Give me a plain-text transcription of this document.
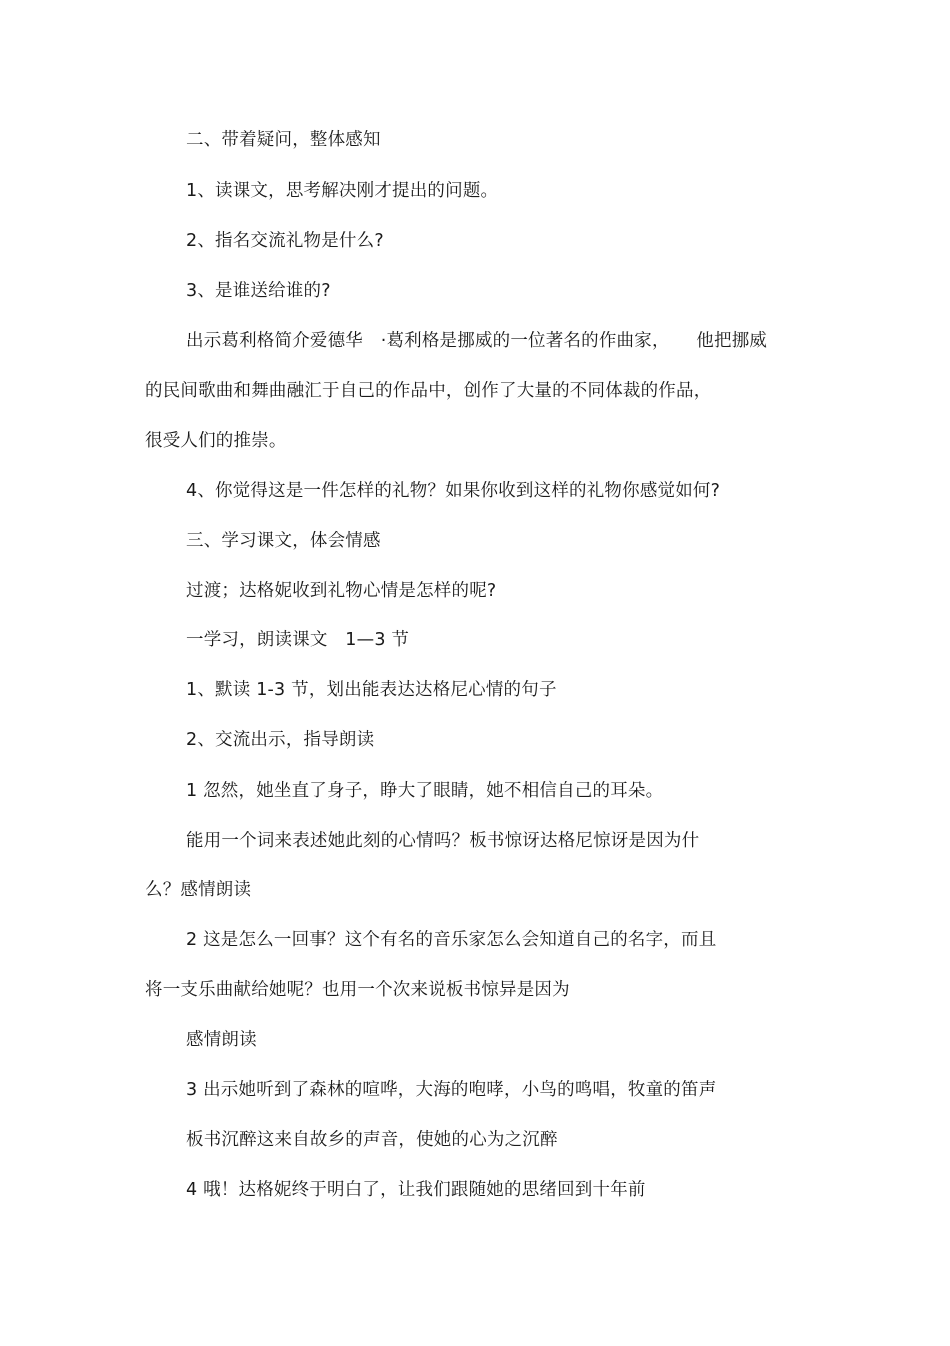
二、带着疑问，整体感知
1、读课文，思考解决刚才提出的问题。
2、指名交流礼物是什么?
3、是谁送给谁的?
出示葛利格简介爱德华　·葛利格是挪威的一位著名的作曲家，　　他把挪威
的民间歌曲和舞曲融汇于自己的作品中，创作了大量的不同体裁的作品，
很受人们的推崇。
4、你觉得这是一件怎样的礼物？如果你收到这样的礼物你感觉如何?
三、学习课文，体会情感
过渡；达格妮收到礼物心情是怎样的呢?
一学习，朗读课文　1—3 节
1、默读 1-3 节，划出能表达达格尼心情的句子
2、交流出示，指导朗读
1 忽然，她坐直了身子，睁大了眼睛，她不相信自己的耳朵。
能用一个词来表述她此刻的心情吗？板书惊讶达格尼惊讶是因为什
么？感情朗读
2 这是怎么一回事？这个有名的音乐家怎么会知道自己的名字，而且
将一支乐曲献给她呢？也用一个次来说板书惊异是因为
感情朗读
3 出示她听到了森林的喧哗，大海的咆哮，小鸟的鸣唱，牧童的笛声
板书沉醉这来自故乡的声音，使她的心为之沉醉
4 哦！达格妮终于明白了，让我们跟随她的思绪回到十年前
